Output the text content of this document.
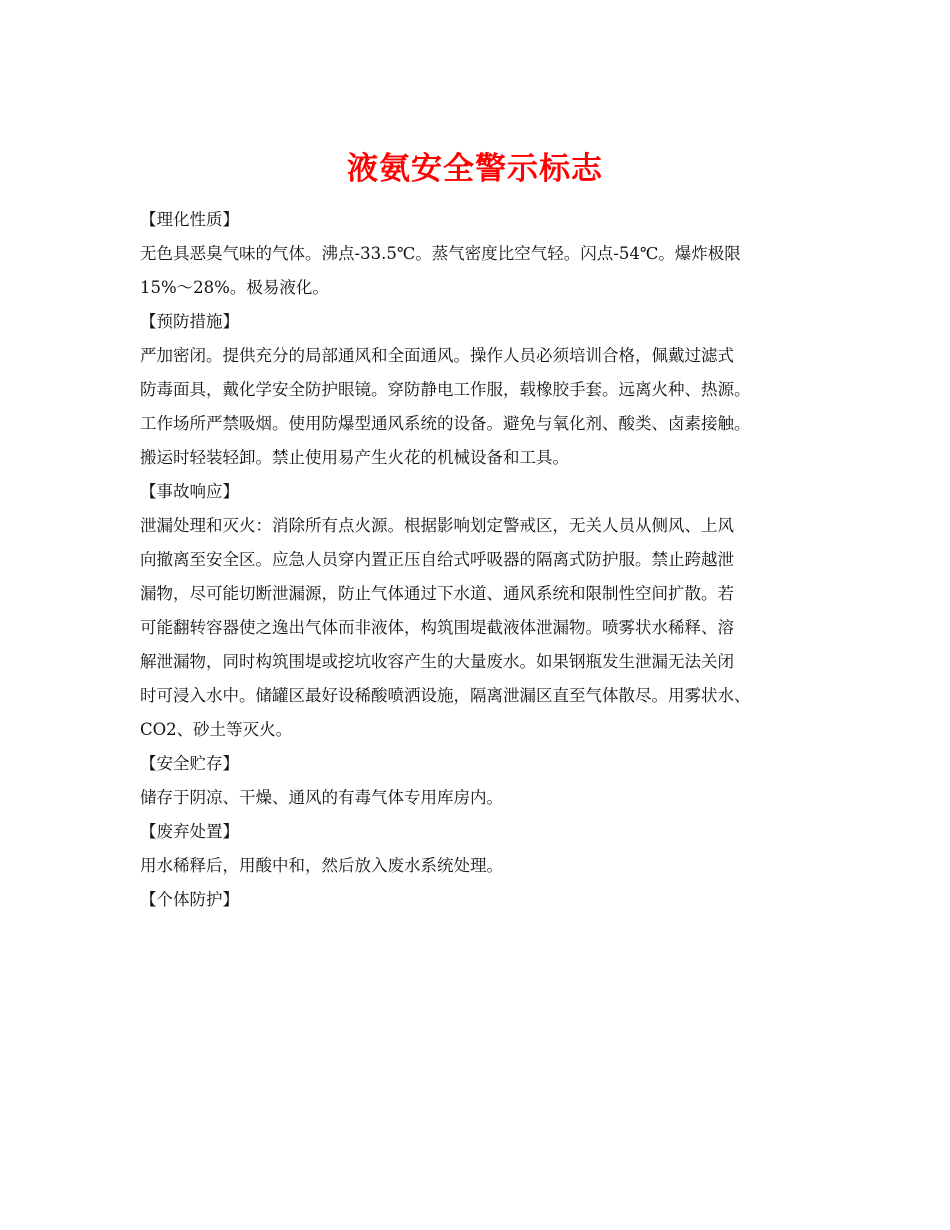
液氨安全警示标志

【理化性质】

无色具恶臭气味的气体。沸点-33.5℃。蒸气密度比空气轻。闪点-54℃。爆炸极限
15%～28%。极易液化。

【预防措施】

严加密闭。提供充分的局部通风和全面通风。操作人员必须培训合格，佩戴过滤式
防毒面具，戴化学安全防护眼镜。穿防静电工作服，载橡胶手套。远离火种、热源。
工作场所严禁吸烟。使用防爆型通风系统的设备。避免与氧化剂、酸类、卤素接触。
搬运时轻装轻卸。禁止使用易产生火花的机械设备和工具。

【事故响应】

泄漏处理和灭火：消除所有点火源。根据影响划定警戒区，无关人员从侧风、上风
向撤离至安全区。应急人员穿内置正压自给式呼吸器的隔离式防护服。禁止跨越泄
漏物，尽可能切断泄漏源，防止气体通过下水道、通风系统和限制性空间扩散。若
可能翻转容器使之逸出气体而非液体，构筑围堤截液体泄漏物。喷雾状水稀释、溶
解泄漏物，同时构筑围堤或挖坑收容产生的大量废水。如果钢瓶发生泄漏无法关闭
时可浸入水中。储罐区最好设稀酸喷洒设施，隔离泄漏区直至气体散尽。用雾状水、
CO2、砂土等灭火。

【安全贮存】

储存于阴凉、干燥、通风的有毒气体专用库房内。

【废弃处置】

用水稀释后，用酸中和，然后放入废水系统处理。

【个体防护】
